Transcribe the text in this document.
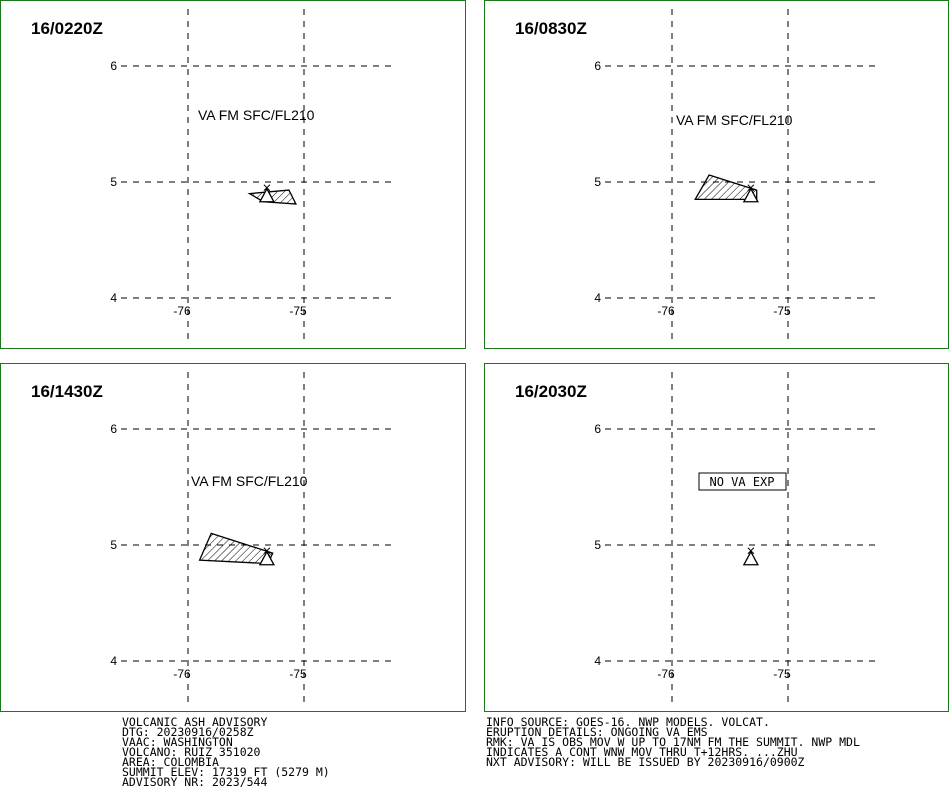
16/0220Z
6
5
4
-76	-75
VA FM SFC/FL210
16/0830Z
6
5
4
-76	-75
VA FM SFC/FL210
16/1430Z
6
5
4
-76	-75
VA FM SFC/FL210
16/2030Z
6
5
4
-76	-75
NO VA EXP
VOLCANIC ASH ADVISORY
DTG: 20230916/0258Z
VAAC: WASHINGTON
VOLCANO: RUIZ 351020
AREA: COLOMBIA
SUMMIT ELEV: 17319 FT (5279 M)
ADVISORY NR: 2023/544
INFO SOURCE: GOES-16. NWP MODELS. VOLCAT.
ERUPTION DETAILS: ONGOING VA EMS
RMK: VA IS OBS MOV W UP TO 17NM FM THE SUMMIT. NWP MDL
INDICATES A CONT WNW MOV THRU T+12HRS. ...ZHU
NXT ADVISORY: WILL BE ISSUED BY 20230916/0900Z
